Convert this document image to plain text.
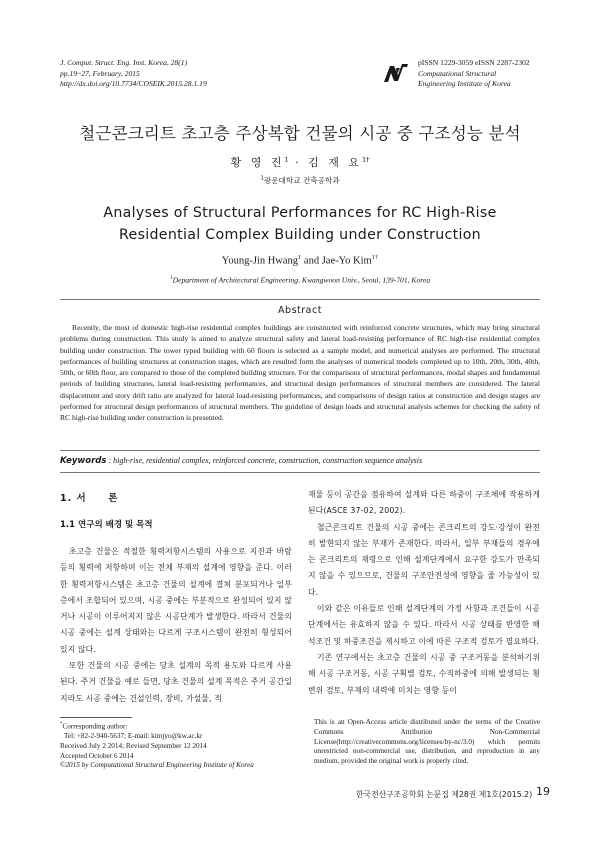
J. Comput. Struct. Eng. Inst. Korea, 28(1)
pp.19~27, February, 2015
http://dx.doi.org/10.7734/COSEIK.2015.28.1.19
pISSN 1229-3059 eISSN 2287-2302
Computational Structural
Engineering Institute of Korea
철근콘크리트 초고층 주상복합 건물의 시공 중 구조성능 분석
황 영 진$^1$ · 김 재 요$^{1\dagger}$
$^1$광운대학교 건축공학과
Analyses of Structural Performances for RC High-Rise
Residential Complex Building under Construction
Young-Jin Hwang$^1$ and Jae-Yo Kim$^{1\dagger}$
$^1$Department of Architectural Engineering, Kwangwoon Univ., Seoul, 139-701, Korea
Abstract

Recently, the most of domestic high-rise residential complex buildings are constructed with reinforced concrete structures, which may bring structural problems during construction. This study is aimed to analyze structural safety and lateral load-resisting performance of RC high-rise residential complex building under construction. The tower typed building with 60 floors is selected as a sample model, and numerical analyses are performed. The structural performances of building structures at construction stages, which are resulted form the analyses of numerical models completed up to 10th, 20th, 30th, 40th, 50th, or 60th floor, are compared to those of the completed building structure. For the comparisons of structural performances, modal shapes and fundamental periods of building structures, lateral load-resisting performances, and structural design performances of structural members are considered. The lateral displacement and story drift ratio are analyzed for lateral load-resisting performances, and comparisons of design ratios at construction and design stages are performed for structural design performances of structural members. The guideline of design loads and structural analysis schemes for checking the safety of RC high-rise building under construction is presented.

Keywords : high-rise, residential complex, reinforced concrete, construction, construction sequence analysis
1. 서 론
1.1 연구의 배경 및 목적

초고층 건물은 적절한 횡력저항시스템의 사용으로 지진과 바람 등의 횡력에 저항하며 이는 전체 부재의 설계에 영향을 준다. 이러한 횡력저항시스템은 초고층 건물의 설계에 결쳐 분포되거나 일부 층에서 조합되어 있으며, 시공 중에는 부분적으로 완성되어 있지 않거나 시공이 이루어지지 않은 시공단계가 발생한다. 따라서 건물의 시공 중에는 설계 상태와는 다르게 구조시스템이 완전히 형성되어 있지 않다.

또한 건물의 시공 중에는 당초 설계의 목적 용도와 다르게 사용된다. 주거 건물을 예로 들면, 당초 건물의 설계 목적은 주거 공간일지라도 시공 중에는 건설인력, 장비, 가설물, 적

재물 등이 공간을 점유하여 설계와 다른 하중이 구조체에 작용하게 된다(ASCE 37-02, 2002).

철근콘크리트 건물의 시공 중에는 콘크리트의 강도·강성이 완전히 발현되지 않는 부재가 존재한다. 따라서, 일부 부재들의 경우에는 콘크리트의 재령으로 인해 설계단계에서 요구한 강도가 만족되지 않을 수 있으므로, 건물의 구조안전성에 영향을 줄 가능성이 있다.

이와 같은 이유들로 인해 설계단계의 가정 사항과 조건들이 시공단계에서는 유효하지 않을 수 있다. 따라서 시공 상태를 반영한 해석조건 및 하중조건을 제시하고 이에 따른 구조적 검토가 필요하다.

기존 연구에서는 초고층 건물의 시공 중 구조거동을 분석하기위해 시공 구조거동, 시공 구획별 검토, 수직하중에 의해 발생되는 횡변위 검토, 부재의 내력에 미치는 영향 등이

*Corresponding author:
Tel: +82-2-940-5637; E-mail: kimjyo@kw.ac.kr
Received July 2 2014; Revised September 12 2014
Accepted October 6 2014
©2015 by Computational Structural Engineering Institute of Korea
This is an Open-Access article distributed under the terms of the Creative Commons Attribution Non-Commercial License(http://creativecommons.org/licenses/by-nc/3.0) which permits unrestricted non-commercial use, distribution, and reproduction in any medium, provided the original work is properly cited.
한국전산구조공학회 논문집 제28권 제1호(2015.2) 19
